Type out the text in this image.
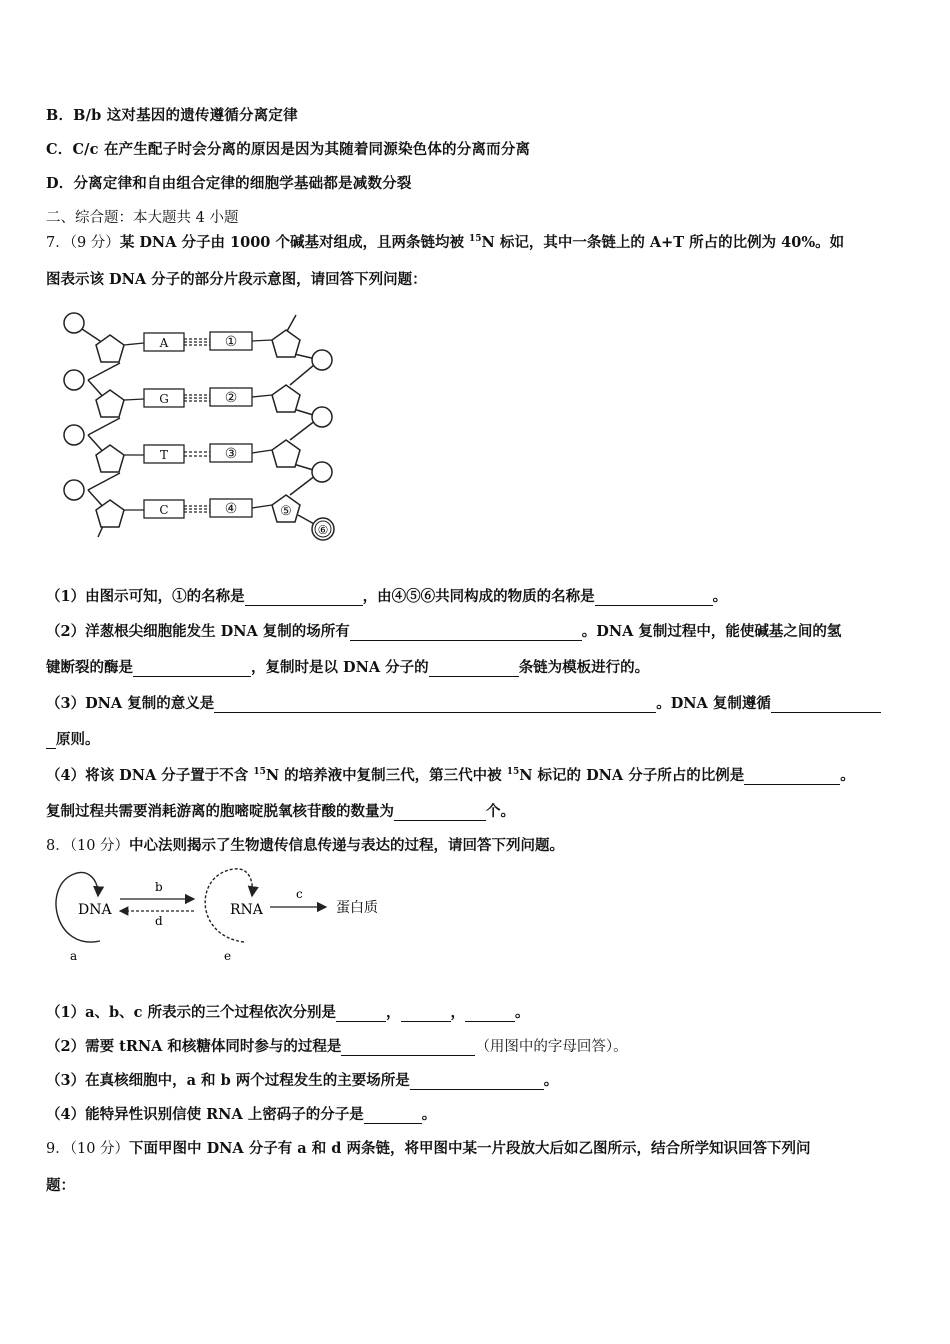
B．B/b 这对基因的遗传遵循分离定律
C．C/c 在产生配子时会分离的原因是因为其随着同源染色体的分离而分离
D．分离定律和自由组合定律的细胞学基础都是减数分裂
二、综合题：本大题共 4 小题
7．（9 分）某 DNA 分子由 1000 个碱基对组成，且两条链均被 $^{15}$N 标记，其中一条链上的 A+T 所占的比例为 40%。如
图表示该 DNA 分子的部分片段示意图，请回答下列问题：
A
G
T
C
①
②
③
④	⑤
⑥
（1）由图示可知，①的名称是	，由④⑤⑥共同构成的物质的名称是	。
（2）洋葱根尖细胞能发生 DNA 复制的场所有	。DNA 复制过程中，能使碱基之间的氢
键断裂的酶是	，复制时是以 DNA 分子的	条链为模板进行的。
（3）DNA 复制的意义是	。DNA 复制遵循
原则。
（4）将该 DNA 分子置于不含 $^{15}$N 的培养液中复制三代，第三代中被 $^{15}$N 标记的 DNA 分子所占的比例是	。
复制过程共需要消耗游离的胞嘧啶脱氧核苷酸的数量为	个。
8．（10 分）中心法则揭示了生物遗传信息传递与表达的过程，请回答下列问题。
DNA
a
b
d
RNA
e
c
蛋白质
（1）a、b、c 所表示的三个过程依次分别是	，	，	。
（2）需要 tRNA 和核糖体同时参与的过程是	（用图中的字母回答）。
（3）在真核细胞中，a 和 b 两个过程发生的主要场所是	。
（4）能特异性识别信使 RNA 上密码子的分子是	。
9．（10 分）下面甲图中 DNA 分子有 a 和 d 两条链，将甲图中某一片段放大后如乙图所示，结合所学知识回答下列问
题：
